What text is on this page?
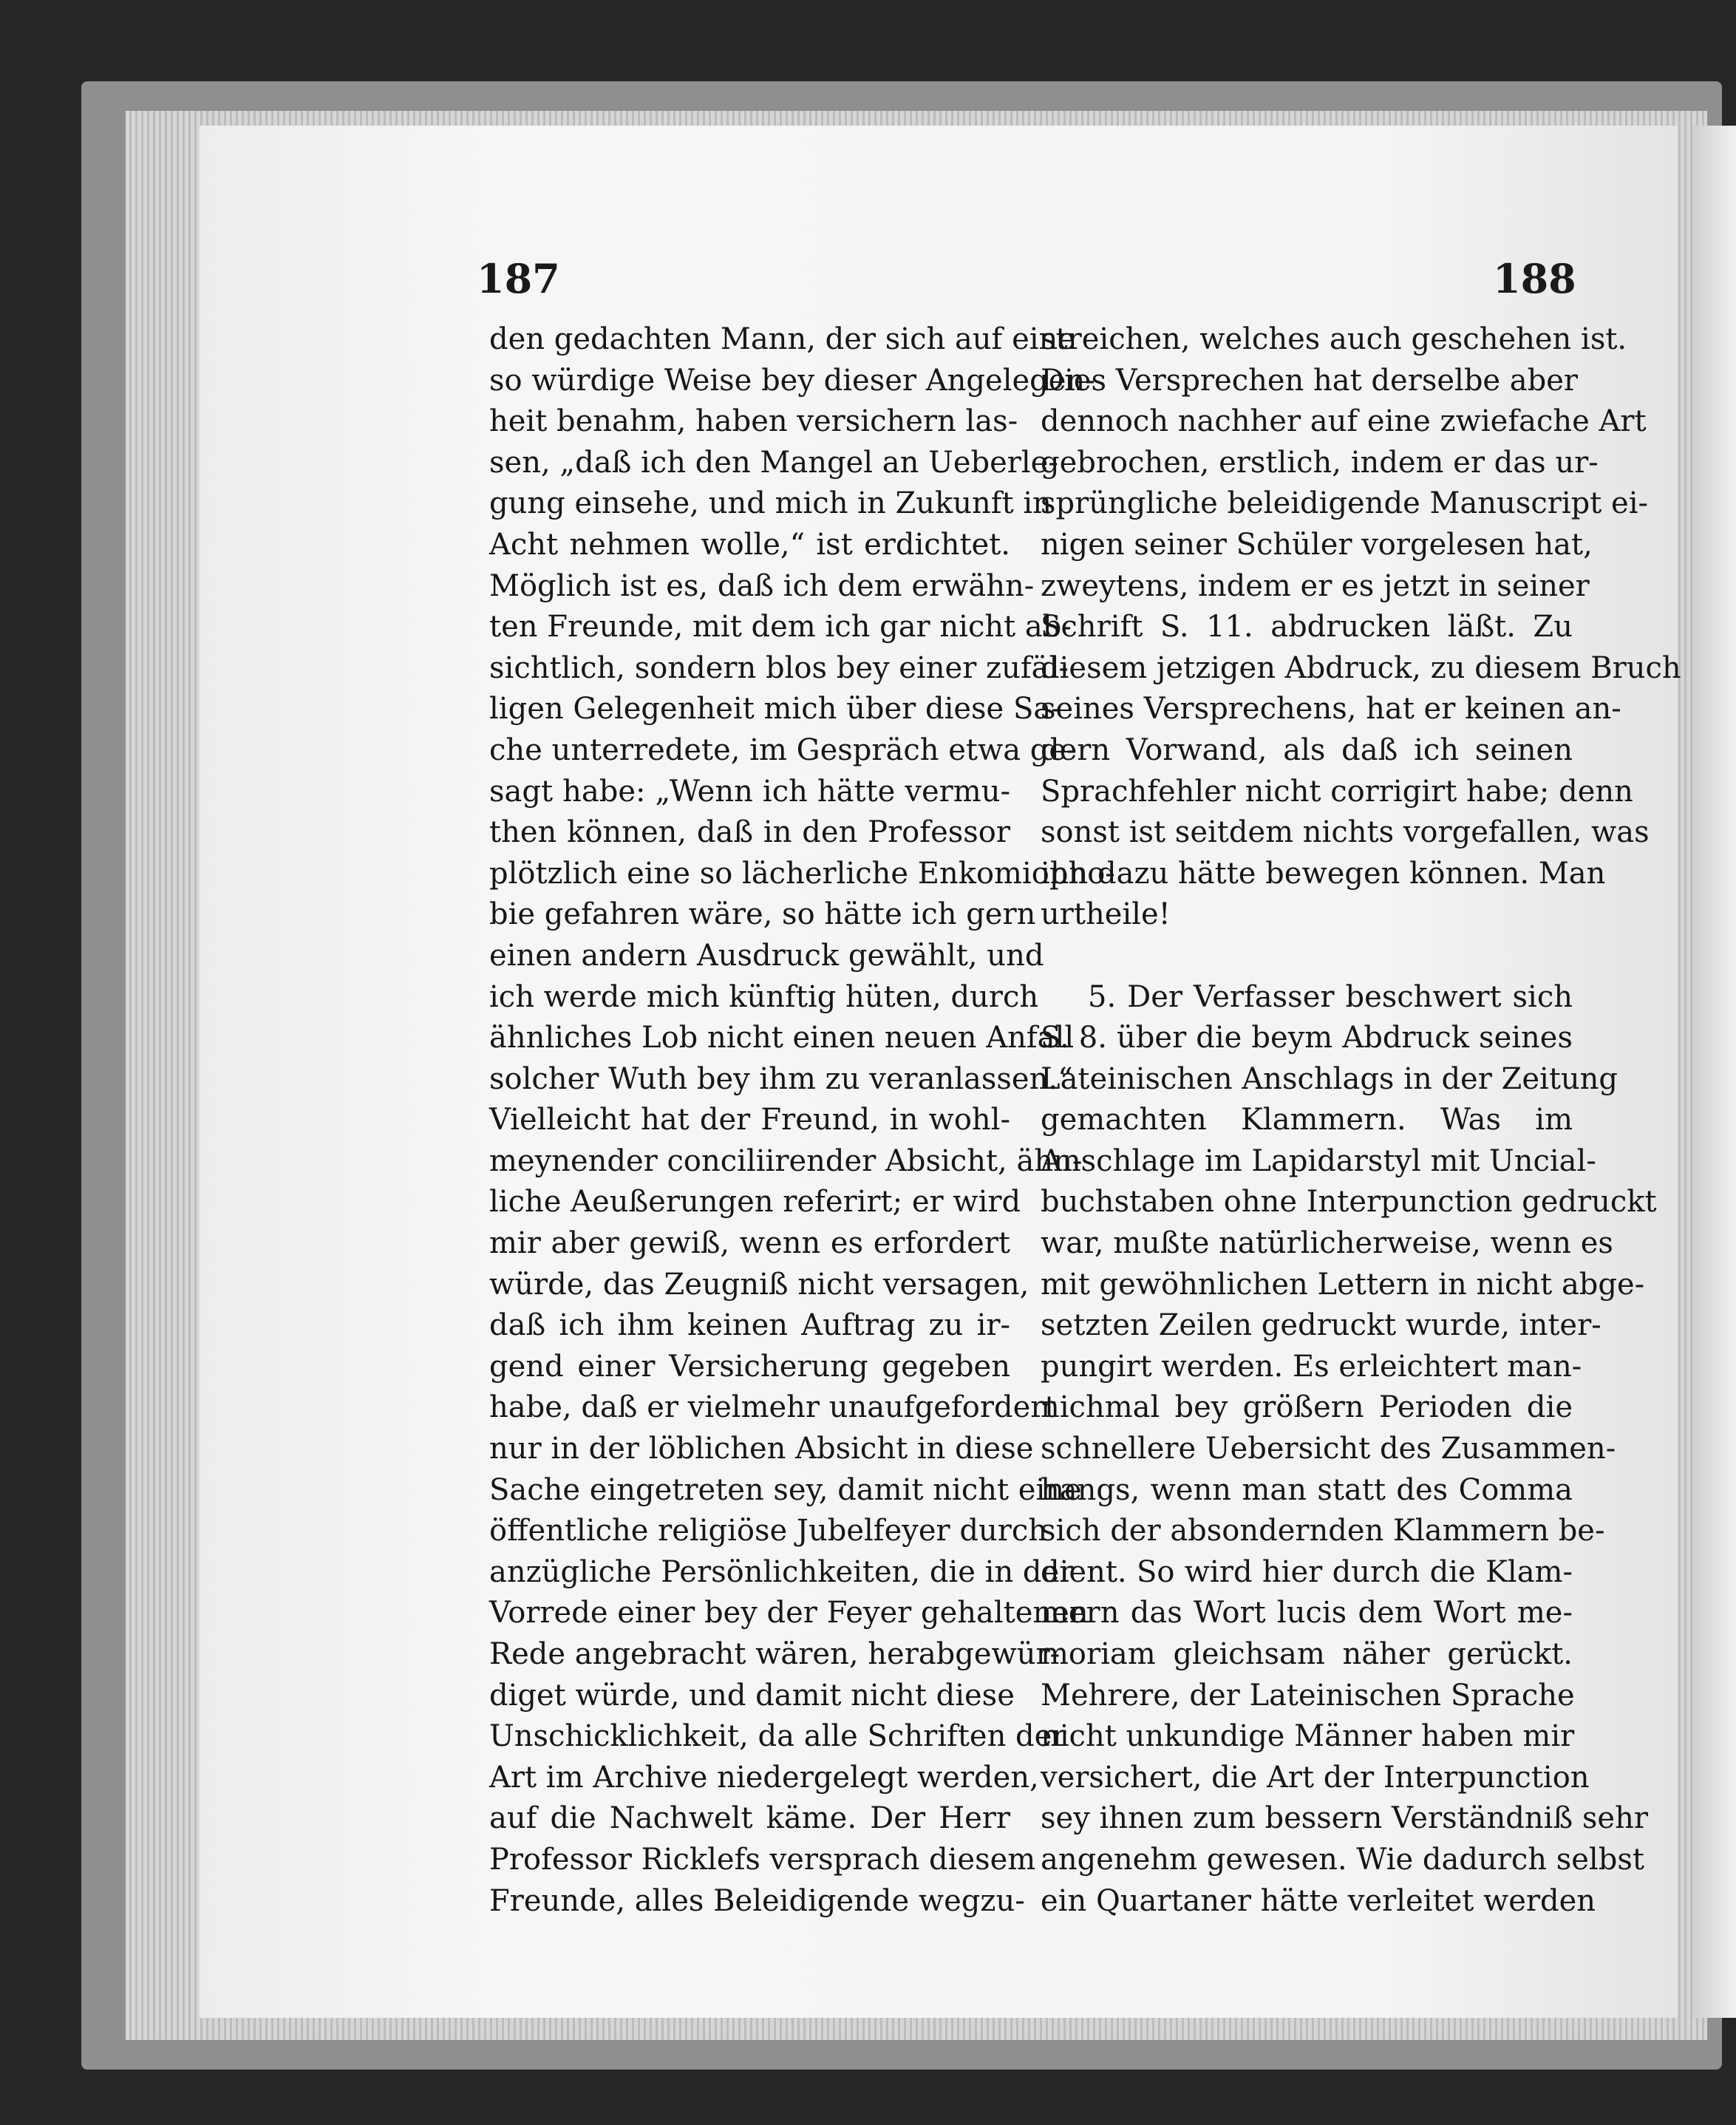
187	188
den gedachten Mann, der sich auf eine
so würdige Weise bey dieser Angelegen-
heit benahm, haben versichern las-
sen, „daß ich den Mangel an Ueberle-
gung einsehe, und mich in Zukunft in
Acht nehmen wolle,“ ist erdichtet.
Möglich ist es, daß ich dem erwähn-
ten Freunde, mit dem ich gar nicht ab-
sichtlich, sondern blos bey einer zufäl-
ligen Gelegenheit mich über diese Sa-
che unterredete, im Gespräch etwa ge-
sagt habe: „Wenn ich hätte vermu-
then können, daß in den Professor
plötzlich eine so lächerliche Enkomiopho-
bie gefahren wäre, so hätte ich gern
einen andern Ausdruck gewählt, und
ich werde mich künftig hüten, durch
ähnliches Lob nicht einen neuen Anfall
solcher Wuth bey ihm zu veranlassen.“
Vielleicht hat der Freund, in wohl-
meynender conciliirender Absicht, ähn-
liche Aeußerungen referirt; er wird
mir aber gewiß, wenn es erfordert
würde, das Zeugniß nicht versagen,
daß ich ihm keinen Auftrag zu ir-
gend einer Versicherung gegeben
habe, daß er vielmehr unaufgefordert
nur in der löblichen Absicht in diese
Sache eingetreten sey, damit nicht eine
öffentliche religiöse Jubelfeyer durch
anzügliche Persönlichkeiten, die in der
Vorrede einer bey der Feyer gehaltenen
Rede angebracht wären, herabgewür-
diget würde, und damit nicht diese
Unschicklichkeit, da alle Schriften der
Art im Archive niedergelegt werden,
auf die Nachwelt käme. Der Herr
Professor Ricklefs versprach diesem
Freunde, alles Beleidigende wegzu-
streichen, welches auch geschehen ist.
Dies Versprechen hat derselbe aber
dennoch nachher auf eine zwiefache Art
gebrochen, erstlich, indem er das ur-
sprüngliche beleidigende Manuscript ei-
nigen seiner Schüler vorgelesen hat,
zweytens, indem er es jetzt in seiner
Schrift S. 11. abdrucken läßt. Zu
diesem jetzigen Abdruck, zu diesem Bruch
seines Versprechens, hat er keinen an-
dern Vorwand, als daß ich seinen
Sprachfehler nicht corrigirt habe; denn
sonst ist seitdem nichts vorgefallen, was
ihn dazu hätte bewegen können. Man
urtheile!
5. Der Verfasser beschwert sich
S. 8. über die beym Abdruck seines
Lateinischen Anschlags in der Zeitung
gemachten Klammern. Was im
Anschlage im Lapidarstyl mit Uncial-
buchstaben ohne Interpunction gedruckt
war, mußte natürlicherweise, wenn es
mit gewöhnlichen Lettern in nicht abge-
setzten Zeilen gedruckt wurde, inter-
pungirt werden. Es erleichtert man-
nichmal bey größern Perioden die
schnellere Uebersicht des Zusammen-
hangs, wenn man statt des Comma
sich der absondernden Klammern be-
dient. So wird hier durch die Klam-
mern das Wort lucis dem Wort me-
moriam gleichsam näher gerückt.
Mehrere, der Lateinischen Sprache
nicht unkundige Männer haben mir
versichert, die Art der Interpunction
sey ihnen zum bessern Verständniß sehr
angenehm gewesen. Wie dadurch selbst
ein Quartaner hätte verleitet werden
